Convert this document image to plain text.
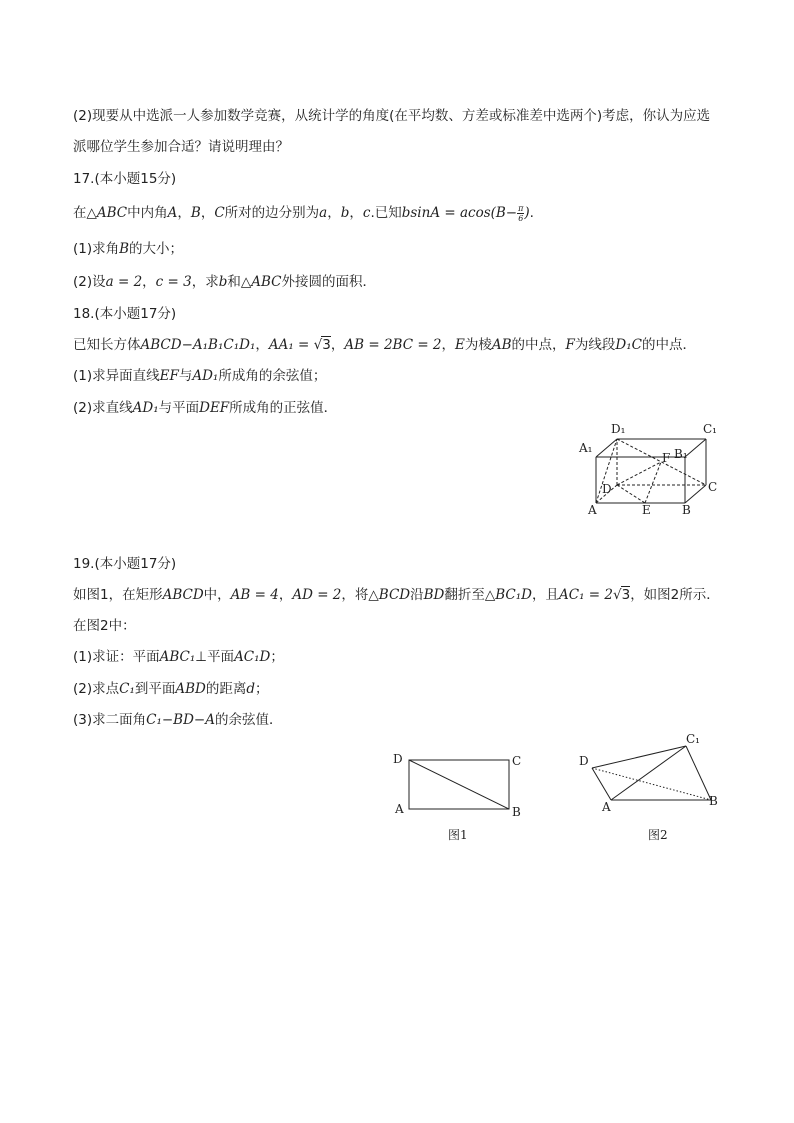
(2)现要从中选派一人参加数学竞赛，从统计学的角度(在平均数、方差或标准差中选两个)考虑，你认为应选
派哪位学生参加合适？请说明理由？
17.(本小题15分)
在△ABC中内角A，B，C所对的边分别为a，b，c.已知$bsinA = acos(B- \frac{\pi}{6}$ ).
(1)求角B的大小；
(2)设a = 2，c = 3，求b和△ABC外接圆的面积．
18.(本小题17分)
已知长方体ABCD−A₁B₁C₁D₁，AA₁ = √3，AB = 2BC = 2，E为棱AB的中点，F为线段D₁C的中点．
(1)求异面直线EF与AD₁所成角的余弦值；
(2)求直线AD₁与平面DEF所成角的正弦值．
D₁	C₁
A₁	B₁
F
D	C
A	E	B
19.(本小题17分)
如图1，在矩形ABCD中，AB = 4，AD = 2，将△BCD沿BD翻折至△BC₁D，且AC₁ = 2√3，如图2所示．
在图2中：
(1)求证：平面ABC₁⊥平面AC₁D；
(2)求点C₁到平面ABD的距离d；
(3)求二面角C₁−BD−A的余弦值．
D	C
A	B
图1
C₁
D
A	B
图2
